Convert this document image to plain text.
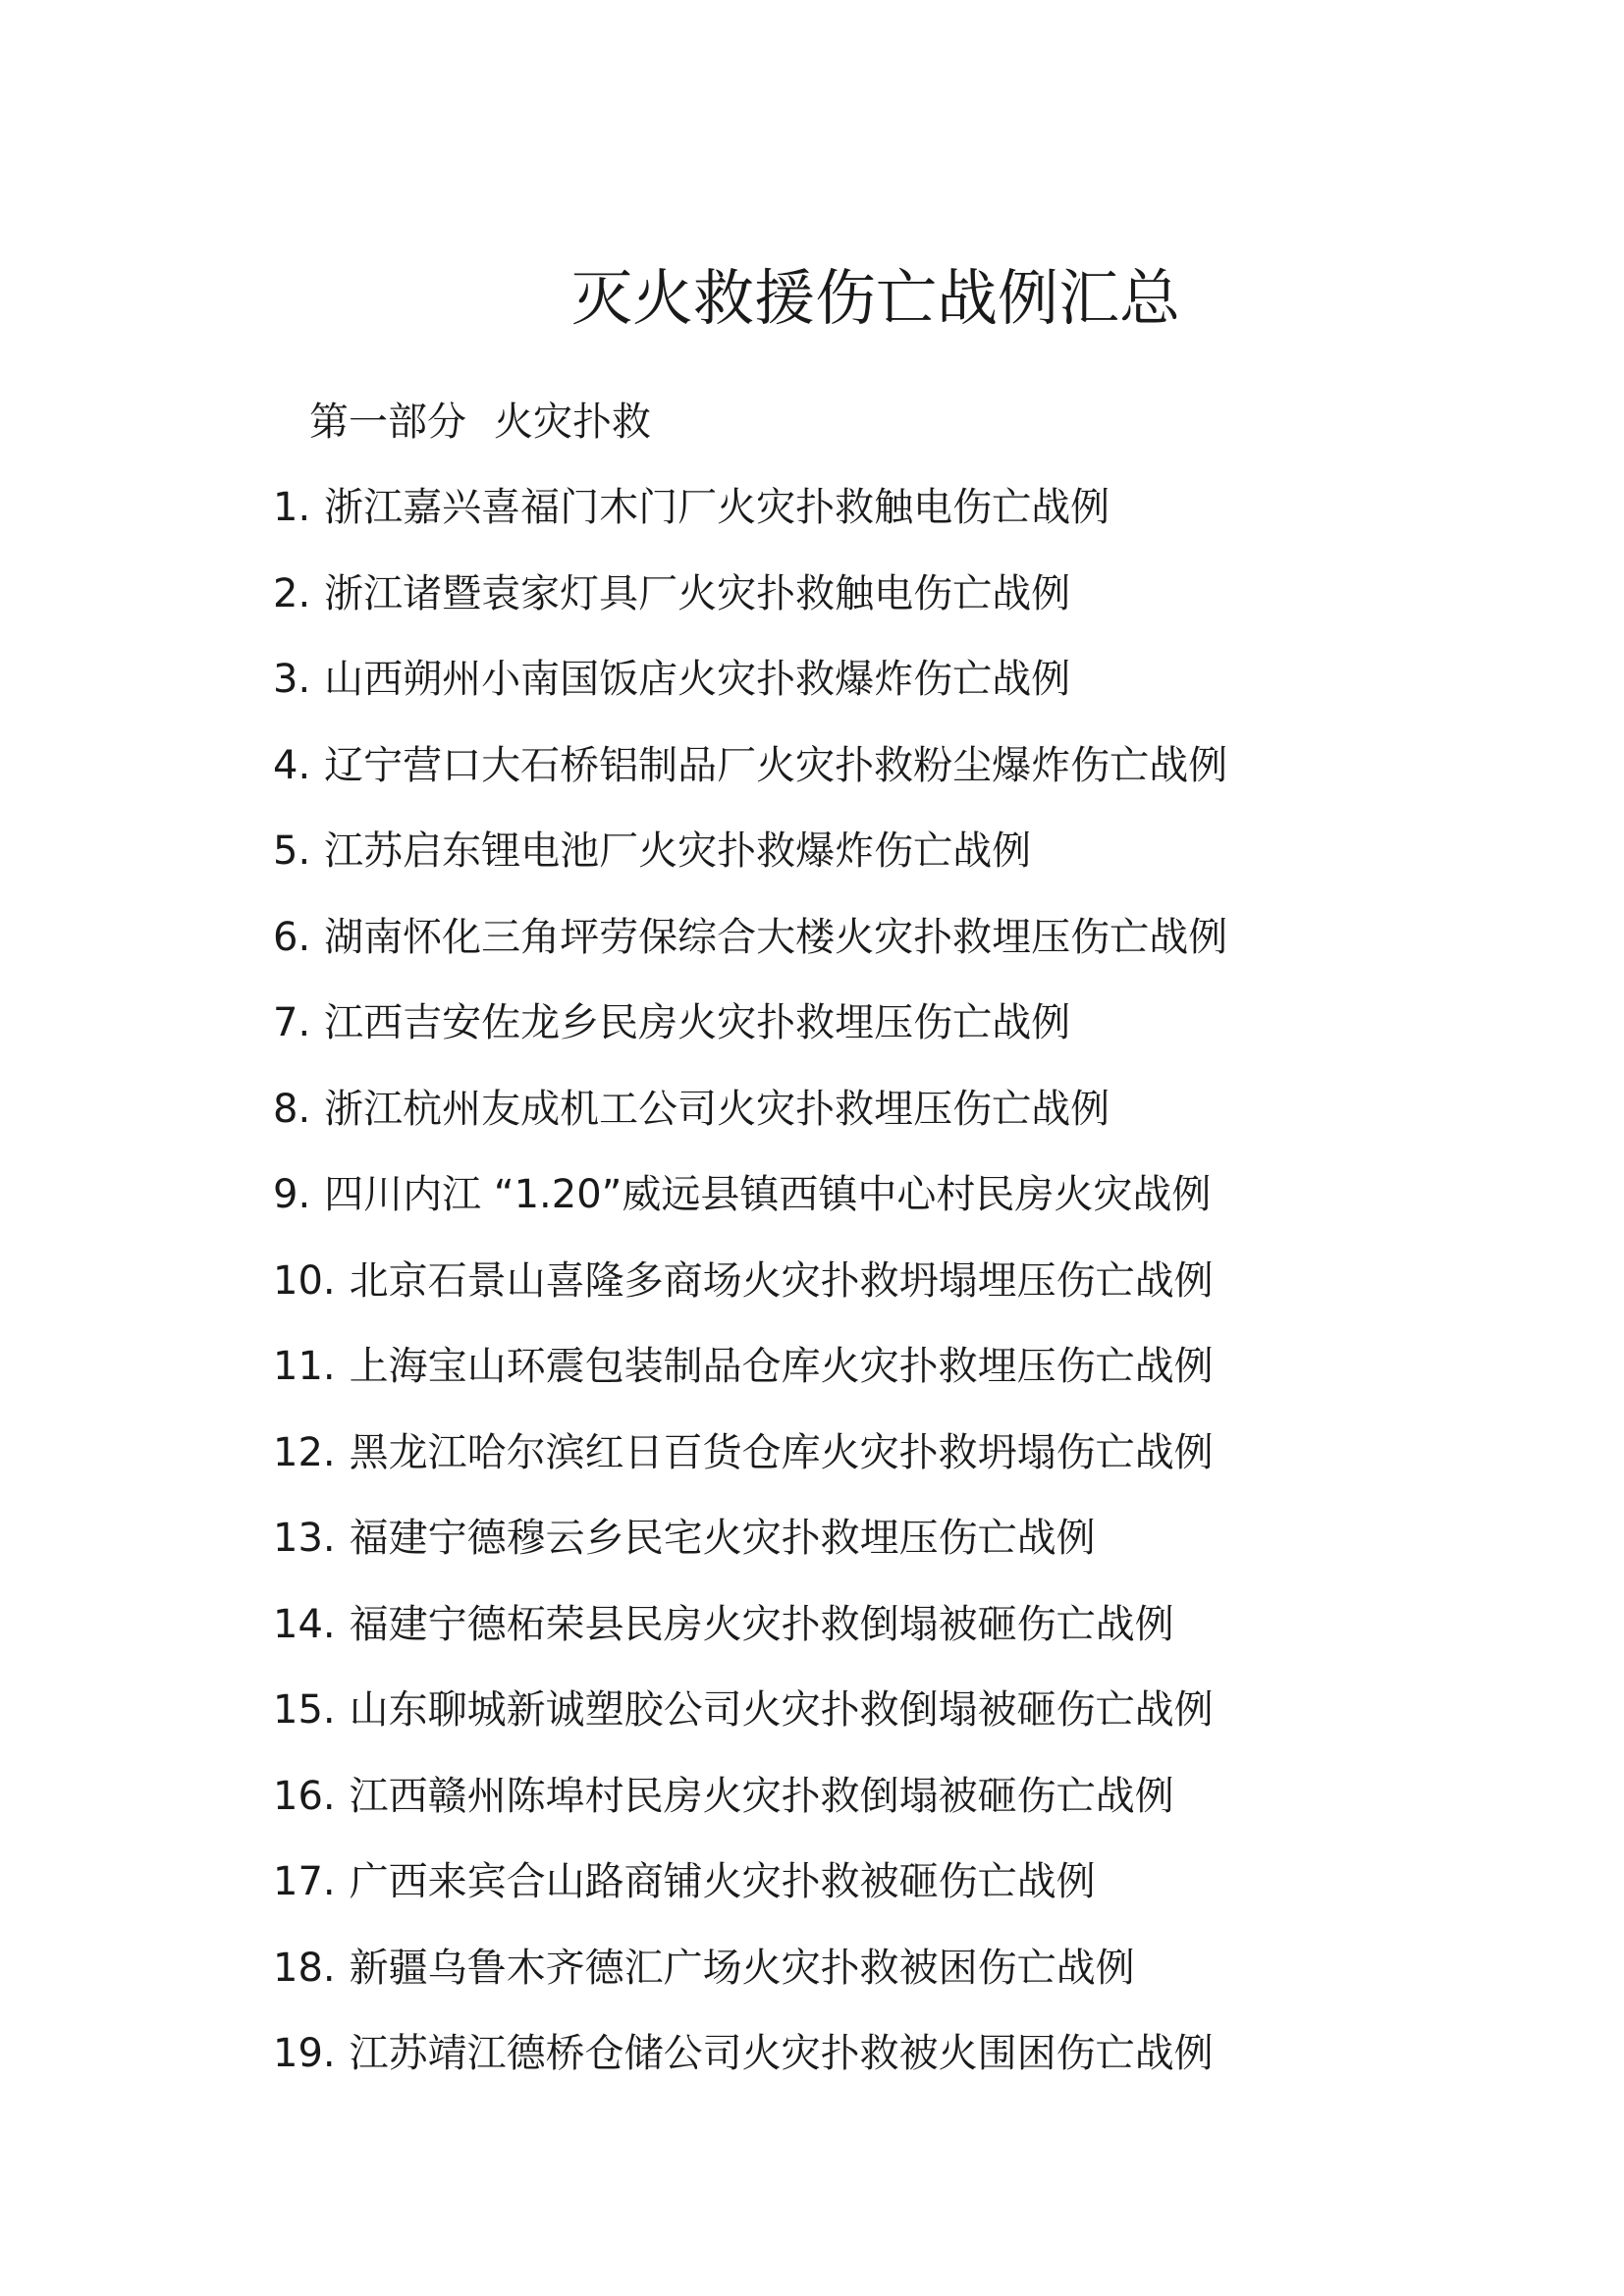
灭火救援伤亡战例汇总
第一部分 火灾扑救
1. 浙江嘉兴喜福门木门厂火灾扑救触电伤亡战例
2. 浙江诸暨袁家灯具厂火灾扑救触电伤亡战例
3. 山西朔州小南国饭店火灾扑救爆炸伤亡战例
4. 辽宁营口大石桥铝制品厂火灾扑救粉尘爆炸伤亡战例
5. 江苏启东锂电池厂火灾扑救爆炸伤亡战例
6. 湖南怀化三角坪劳保综合大楼火灾扑救埋压伤亡战例
7. 江西吉安佐龙乡民房火灾扑救埋压伤亡战例
8. 浙江杭州友成机工公司火灾扑救埋压伤亡战例
9. 四川内江 “1.20”威远县镇西镇中心村民房火灾战例
10. 北京石景山喜隆多商场火灾扑救坍塌埋压伤亡战例
11. 上海宝山环震包装制品仓库火灾扑救埋压伤亡战例
12. 黑龙江哈尔滨红日百货仓库火灾扑救坍塌伤亡战例
13. 福建宁德穆云乡民宅火灾扑救埋压伤亡战例
14. 福建宁德柘荣县民房火灾扑救倒塌被砸伤亡战例
15. 山东聊城新诚塑胶公司火灾扑救倒塌被砸伤亡战例
16. 江西赣州陈埠村民房火灾扑救倒塌被砸伤亡战例
17. 广西来宾合山路商铺火灾扑救被砸伤亡战例
18. 新疆乌鲁木齐德汇广场火灾扑救被困伤亡战例
19. 江苏靖江德桥仓储公司火灾扑救被火围困伤亡战例
